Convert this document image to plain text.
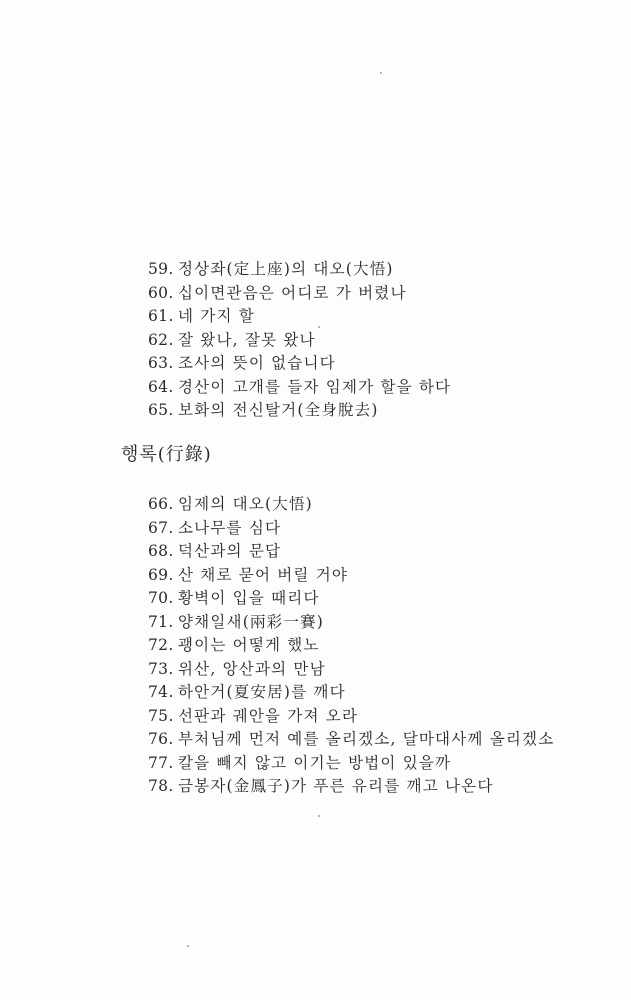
59. 정상좌(定上座)의 대오(大悟)
60. 십이면관음은 어디로 가 버렸나
61. 네 가지 할
62. 잘 왔나, 잘못 왔나
63. 조사의 뜻이 없습니다
64. 경산이 고개를 들자 임제가 할을 하다
65. 보화의 전신탈거(全身脫去)
행록(行錄)
66. 임제의 대오(大悟)
67. 소나무를 심다
68. 덕산과의 문답
69. 산 채로 묻어 버릴 거야
70. 황벽이 입을 때리다
71. 양채일새(兩彩一賽)
72. 괭이는 어떻게 했노
73. 위산, 앙산과의 만남
74. 하안거(夏安居)를 깨다
75. 선판과 궤안을 가져 오라
76. 부처님께 먼저 예를 올리겠소, 달마대사께 올리겠소
77. 칼을 빼지 않고 이기는 방법이 있을까
78. 금봉자(金鳳子)가 푸른 유리를 깨고 나온다
